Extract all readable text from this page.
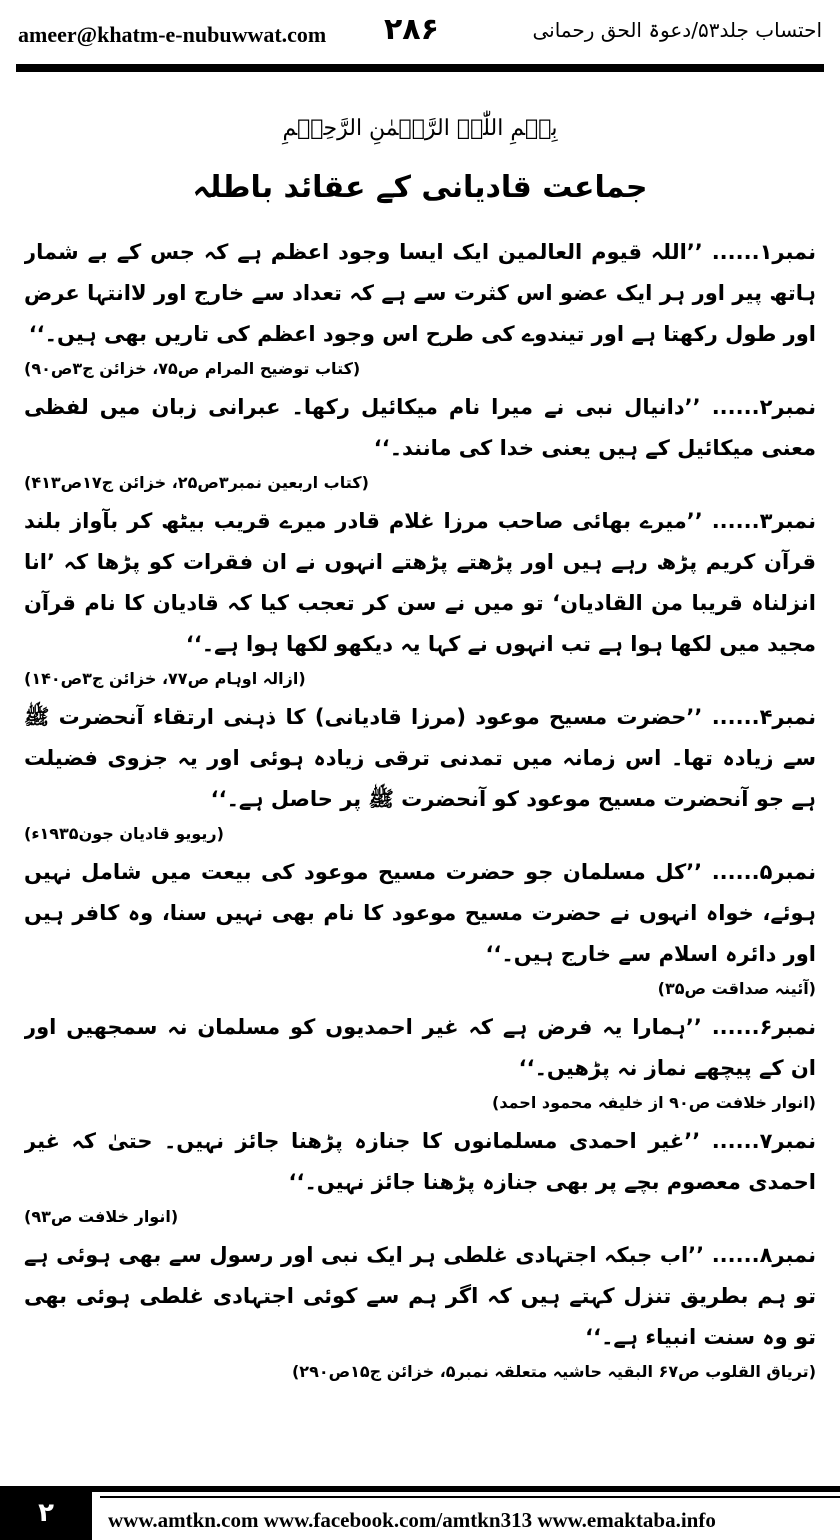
ameer@khatm-e-nubuwwat.com ۲۸۶	احتساب جلد۵۳/دعوۃ الحق رحمانی
بِسۡمِ اللّٰہِ الرَّحۡمٰنِ الرَّحِیۡمِ
جماعت قادیانی کے عقائد باطلہ

نمبر۱...... ’’اللہ قیوم العالمین ایک ایسا وجود اعظم ہے کہ جس کے بے شمار ہاتھ پیر اور ہر ایک عضو اس کثرت سے ہے کہ تعداد سے خارج اور لاانتہا عرض اور طول رکھتا ہے اور تیندوے کی طرح اس وجود اعظم کی تاریں بھی ہیں۔‘‘

(کتاب توضیح المرام ص۷۵، خزائن ج۳ص۹۰)

نمبر۲...... ’’دانیال نبی نے میرا نام میکائیل رکھا۔ عبرانی زبان میں لفظی معنی میکائیل کے ہیں یعنی خدا کی مانند۔‘‘

(کتاب اربعین نمبر۳ص۲۵، خزائن ج۱۷ص۴۱۳)

نمبر۳...... ’’میرے بھائی صاحب مرزا غلام قادر میرے قریب بیٹھ کر بآواز بلند قرآن کریم پڑھ رہے ہیں اور پڑھتے پڑھتے انہوں نے ان فقرات کو پڑھا کہ ’انا انزلناہ قریبا من القادیان‘ تو میں نے سن کر تعجب کیا کہ قادیان کا نام قرآن مجید میں لکھا ہوا ہے تب انہوں نے کہا یہ دیکھو لکھا ہوا ہے۔‘‘

(ازالہ اوہام ص۷۷، خزائن ج۳ص۱۴۰)

نمبر۴...... ’’حضرت مسیح موعود (مرزا قادیانی) کا ذہنی ارتقاء آنحضرت ﷺ سے زیادہ تھا۔ اس زمانہ میں تمدنی ترقی زیادہ ہوئی اور یہ جزوی فضیلت ہے جو آنحضرت مسیح موعود کو آنحضرت ﷺ پر حاصل ہے۔‘‘

(ریویو قادیان جون۱۹۳۵ء)

نمبر۵...... ’’کل مسلمان جو حضرت مسیح موعود کی بیعت میں شامل نہیں ہوئے، خواہ انہوں نے حضرت مسیح موعود کا نام بھی نہیں سنا، وہ کافر ہیں اور دائرہ اسلام سے خارج ہیں۔‘‘

(آئینہ صداقت ص۳۵)

نمبر۶...... ’’ہمارا یہ فرض ہے کہ غیر احمدیوں کو مسلمان نہ سمجھیں اور ان کے پیچھے نماز نہ پڑھیں۔‘‘

(انوار خلافت ص۹۰ از خلیفہ محمود احمد)

نمبر۷...... ’’غیر احمدی مسلمانوں کا جنازہ پڑھنا جائز نہیں۔ حتیٰ کہ غیر احمدی معصوم بچے پر بھی جنازہ پڑھنا جائز نہیں۔‘‘

(انوار خلافت ص۹۳)

نمبر۸...... ’’اب جبکہ اجتہادی غلطی ہر ایک نبی اور رسول سے بھی ہوئی ہے تو ہم بطریق تنزل کہتے ہیں کہ اگر ہم سے کوئی اجتہادی غلطی ہوئی بھی تو وہ سنت انبیاء ہے۔‘‘

(تریاق القلوب ص۶۷ البقیہ حاشیہ متعلقہ نمبر۵، خزائن ج۱۵ص۲۹۰)

۲	www.amtkn.com www.facebook.com/amtkn313 www.emaktaba.info
